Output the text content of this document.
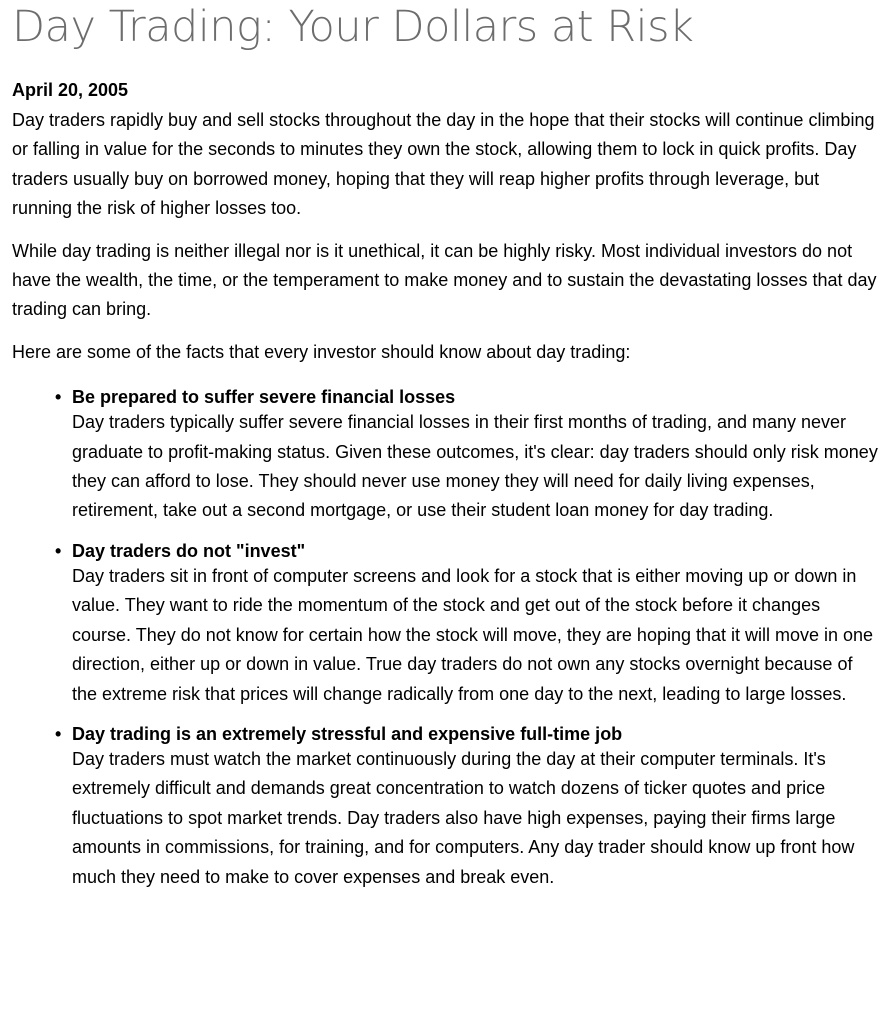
Day Trading: Your Dollars at Risk
April 20, 2005

Day traders rapidly buy and sell stocks throughout the day in the hope that their stocks will continue climbing or falling in value for the seconds to minutes they own the stock, allowing them to lock in quick profits. Day traders usually buy on borrowed money, hoping that they will reap higher profits through leverage, but running the risk of higher losses too.

While day trading is neither illegal nor is it unethical, it can be highly risky. Most individual investors do not have the wealth, the time, or the temperament to make money and to sustain the devastating losses that day trading can bring.

Here are some of the facts that every investor should know about day trading:

• Be prepared to suffer severe financial losses

Day traders typically suffer severe financial losses in their first months of trading, and many never graduate to profit-making status. Given these outcomes, it's clear: day traders should only risk money they can afford to lose. They should never use money they will need for daily living expenses, retirement, take out a second mortgage, or use their student loan money for day trading.

• Day traders do not "invest"

Day traders sit in front of computer screens and look for a stock that is either moving up or down in value. They want to ride the momentum of the stock and get out of the stock before it changes course. They do not know for certain how the stock will move, they are hoping that it will move in one direction, either up or down in value. True day traders do not own any stocks overnight because of the extreme risk that prices will change radically from one day to the next, leading to large losses.

• Day trading is an extremely stressful and expensive full-time job

Day traders must watch the market continuously during the day at their computer terminals. It's extremely difficult and demands great concentration to watch dozens of ticker quotes and price fluctuations to spot market trends. Day traders also have high expenses, paying their firms large amounts in commissions, for training, and for computers. Any day trader should know up front how much they need to make to cover expenses and break even.
